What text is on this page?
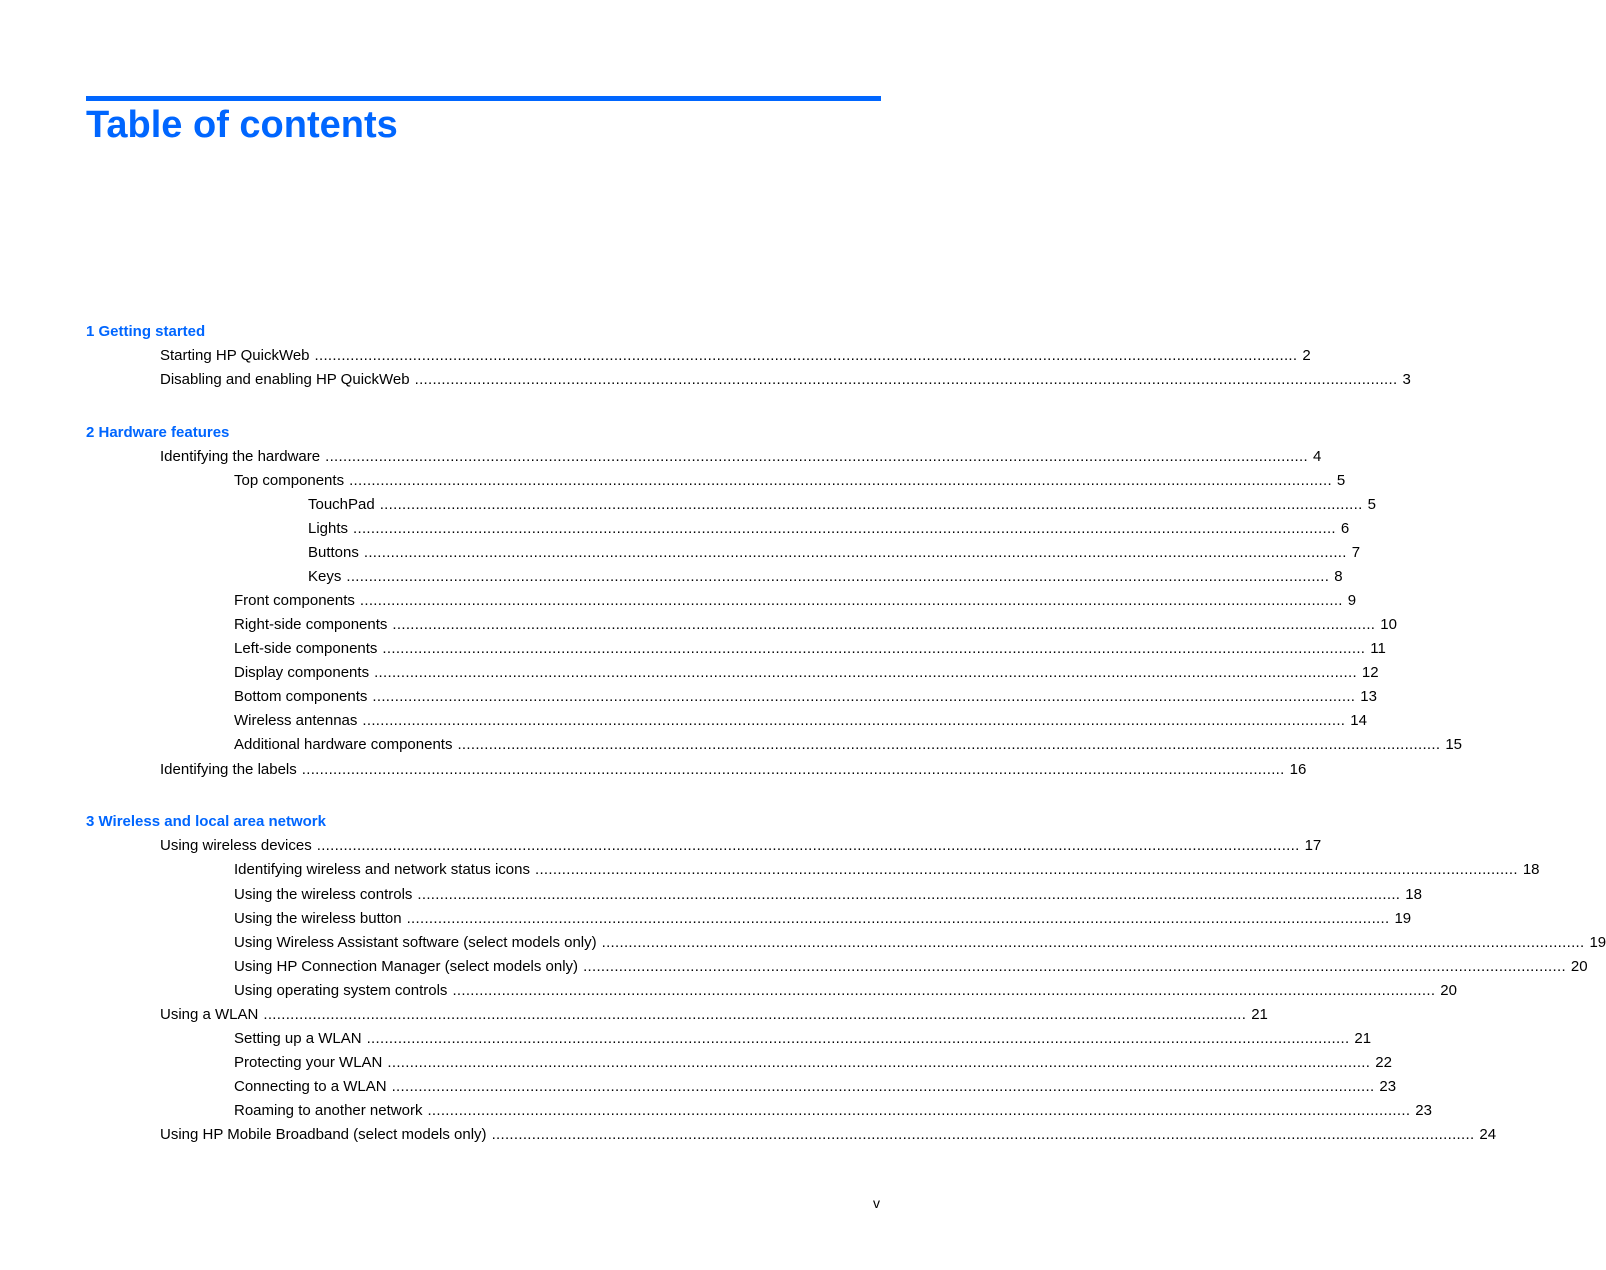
Table of contents
1 Getting started
Starting HP QuickWeb ............................................................................................................................................................................................................................ 2
Disabling and enabling HP QuickWeb ............................................................................................................................................................................................................................ 3
2 Hardware features
Identifying the hardware ............................................................................................................................................................................................................................ 4
Top components ............................................................................................................................................................................................................................ 5
TouchPad ............................................................................................................................................................................................................................ 5
Lights ............................................................................................................................................................................................................................ 6
Buttons ............................................................................................................................................................................................................................ 7
Keys ............................................................................................................................................................................................................................ 8
Front components ............................................................................................................................................................................................................................ 9
Right-side components ............................................................................................................................................................................................................................ 10
Left-side components ............................................................................................................................................................................................................................ 11
Display components ............................................................................................................................................................................................................................ 12
Bottom components ............................................................................................................................................................................................................................ 13
Wireless antennas ............................................................................................................................................................................................................................ 14
Additional hardware components ............................................................................................................................................................................................................................ 15
Identifying the labels ............................................................................................................................................................................................................................ 16
3 Wireless and local area network
Using wireless devices ............................................................................................................................................................................................................................ 17
Identifying wireless and network status icons ............................................................................................................................................................................................................................ 18
Using the wireless controls ............................................................................................................................................................................................................................ 18
Using the wireless button ............................................................................................................................................................................................................................ 19
Using Wireless Assistant software (select models only) ............................................................................................................................................................................................................................ 19
Using HP Connection Manager (select models only) ............................................................................................................................................................................................................................ 20
Using operating system controls ............................................................................................................................................................................................................................ 20
Using a WLAN ............................................................................................................................................................................................................................ 21
Setting up a WLAN ............................................................................................................................................................................................................................ 21
Protecting your WLAN ............................................................................................................................................................................................................................ 22
Connecting to a WLAN ............................................................................................................................................................................................................................ 23
Roaming to another network ............................................................................................................................................................................................................................ 23
Using HP Mobile Broadband (select models only) ............................................................................................................................................................................................................................ 24
v
